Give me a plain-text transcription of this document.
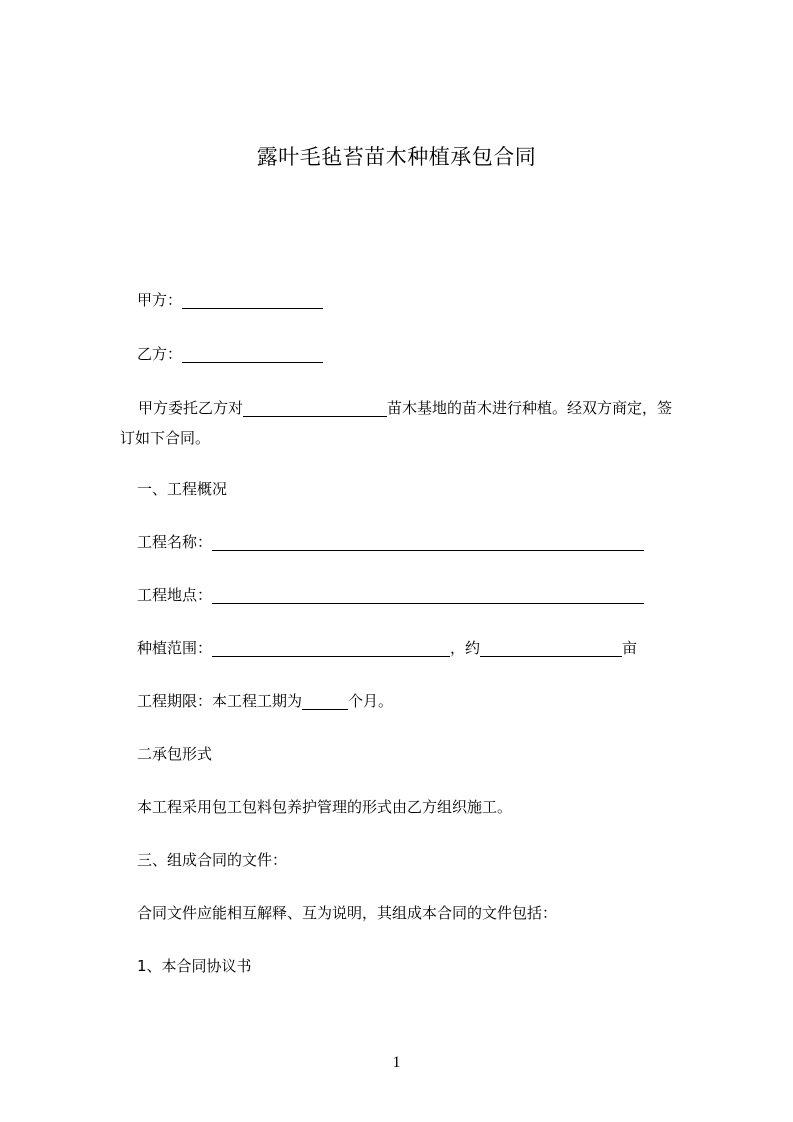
露叶毛毡苔苗木种植承包合同
甲方：
乙方：
甲方委托乙方对	苗木基地的苗木进行种植。经双方商定，签
订如下合同。
一、工程概况
工程名称：
工程地点：
种植范围：	，约	亩
工程期限：本工程工期为	个月。
二承包形式
本工程采用包工包料包养护管理的形式由乙方组织施工。
三、组成合同的文件：
合同文件应能相互解释、互为说明，其组成本合同的文件包括：
1、本合同协议书
1
